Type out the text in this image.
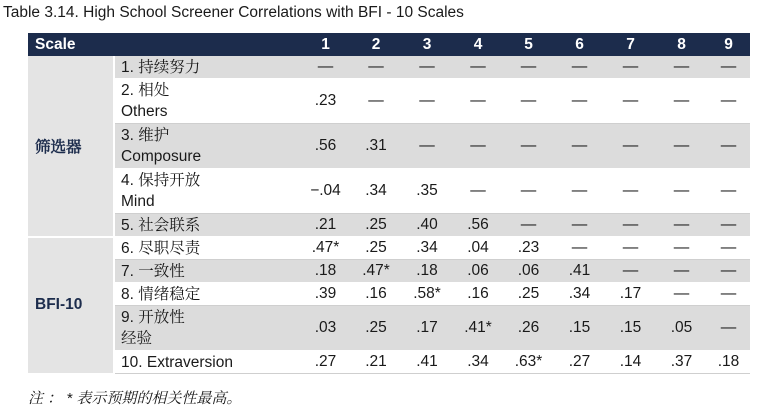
Table 3.14. High School Screener Correlations with BFI - 10 Scales
Scale		1	2	3	4	5	6	7	8	9
筛选器	1. 持续努力	—	—	—	—	—	—	—	—	—
	2. 相处
Others	.23	—	—	—	—	—	—	—	—
	3. 维护
Composure	.56	.31	—	—	—	—	—	—	—
	4. 保持开放
Mind	−.04	.34	.35	—	—	—	—	—	—
	5. 社会联系	.21	.25	.40	.56	—	—	—	—	—
BFI-10	6. 尽职尽责	.47*	.25	.34	.04	.23	—	—	—	—
	7. 一致性	.18	.47*	.18	.06	.06	.41	—	—	—
	8. 情绪稳定	.39	.16	.58*	.16	.25	.34	.17	—	—
	9. 开放性
经验	.03	.25	.17	.41*	.26	.15	.15	.05	—
	10. Extraversion	.27	.21	.41	.34	.63*	.27	.14	.37	.18
注 ： * 表示预期的相关性最高。
